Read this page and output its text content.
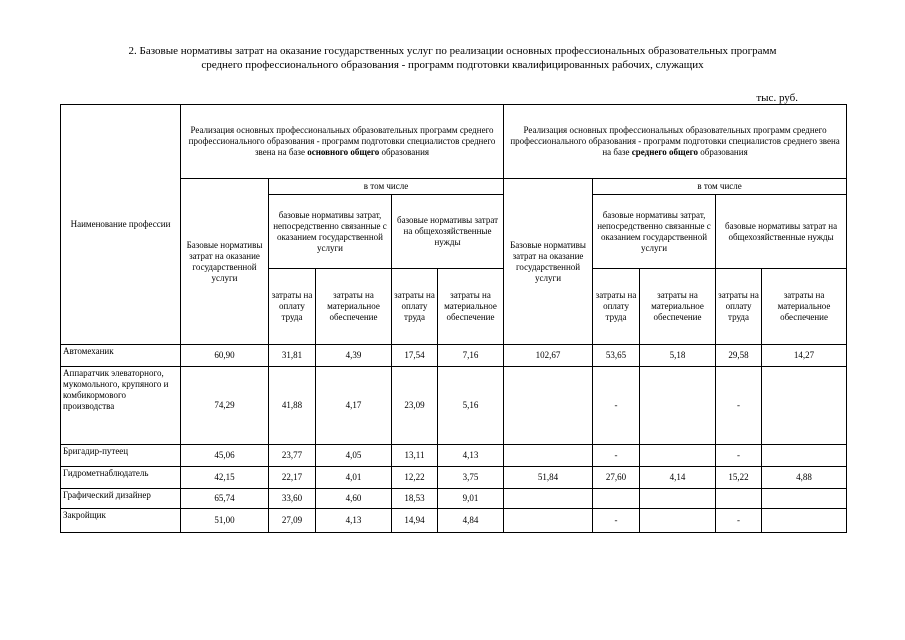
2. Базовые нормативы затрат на оказание государственных услуг по реализации основных профессиональных образовательных программ
среднего профессионального образования - программ подготовки квалифицированных рабочих, служащих
тыс. руб.
Наименование профессии	Реализация основных профессиональных образовательных программ среднего профессионального образования - программ подготовки специалистов среднего звена на базе основного общего образования					Реализация основных профессиональных образовательных программ среднего профессионального образования - программ подготовки специалистов среднего звена на базе среднего общего образования				
	Базовые нормативы затрат на оказание государственной услуги	в том числе				Базовые нормативы затрат на оказание государственной услуги	в том числе			
		базовые нормативы затрат, непосредственно связанные с оказанием государственной услуги		базовые нормативы затрат на общехозяйственные нужды			базовые нормативы затрат, непосредственно связанные с оказанием государственной услуги		базовые нормативы затрат на общехозяйственные нужды	
		затраты на оплату труда	затраты на материальное обеспечение	затраты на оплату труда	затраты на материальное обеспечение		затраты на оплату труда	затраты на материальное обеспечение	затраты на оплату труда	затраты на материальное обеспечение
Автомеханик	60,90	31,81	4,39	17,54	7,16	102,67	53,65	5,18	29,58	14,27
Аппаратчик элеваторного, мукомольного, крупяного и комбикормового производства	74,29	41,88	4,17	23,09	5,16		-		-	
Бригадир-путеец	45,06	23,77	4,05	13,11	4,13		-		-	
Гидрометнаблюдатель	42,15	22,17	4,01	12,22	3,75	51,84	27,60	4,14	15,22	4,88
Графический дизайнер	65,74	33,60	4,60	18,53	9,01					
Закройщик	51,00	27,09	4,13	14,94	4,84		-		-	
